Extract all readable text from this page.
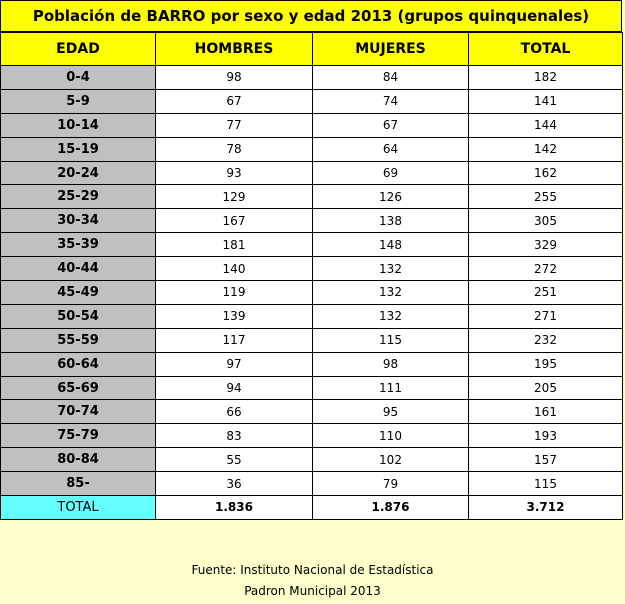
Población de BARRO por sexo y edad 2013 (grupos quinquenales)
EDAD	HOMBRES	MUJERES	TOTAL
0-4	98	84	182
5-9	67	74	141
10-14	77	67	144
15-19	78	64	142
20-24	93	69	162
25-29	129	126	255
30-34	167	138	305
35-39	181	148	329
40-44	140	132	272
45-49	119	132	251
50-54	139	132	271
55-59	117	115	232
60-64	97	98	195
65-69	94	111	205
70-74	66	95	161
75-79	83	110	193
80-84	55	102	157
85-	36	79	115
TOTAL	1.836	1.876	3.712
Fuente: Instituto Nacional de Estadística
Padron Municipal 2013
